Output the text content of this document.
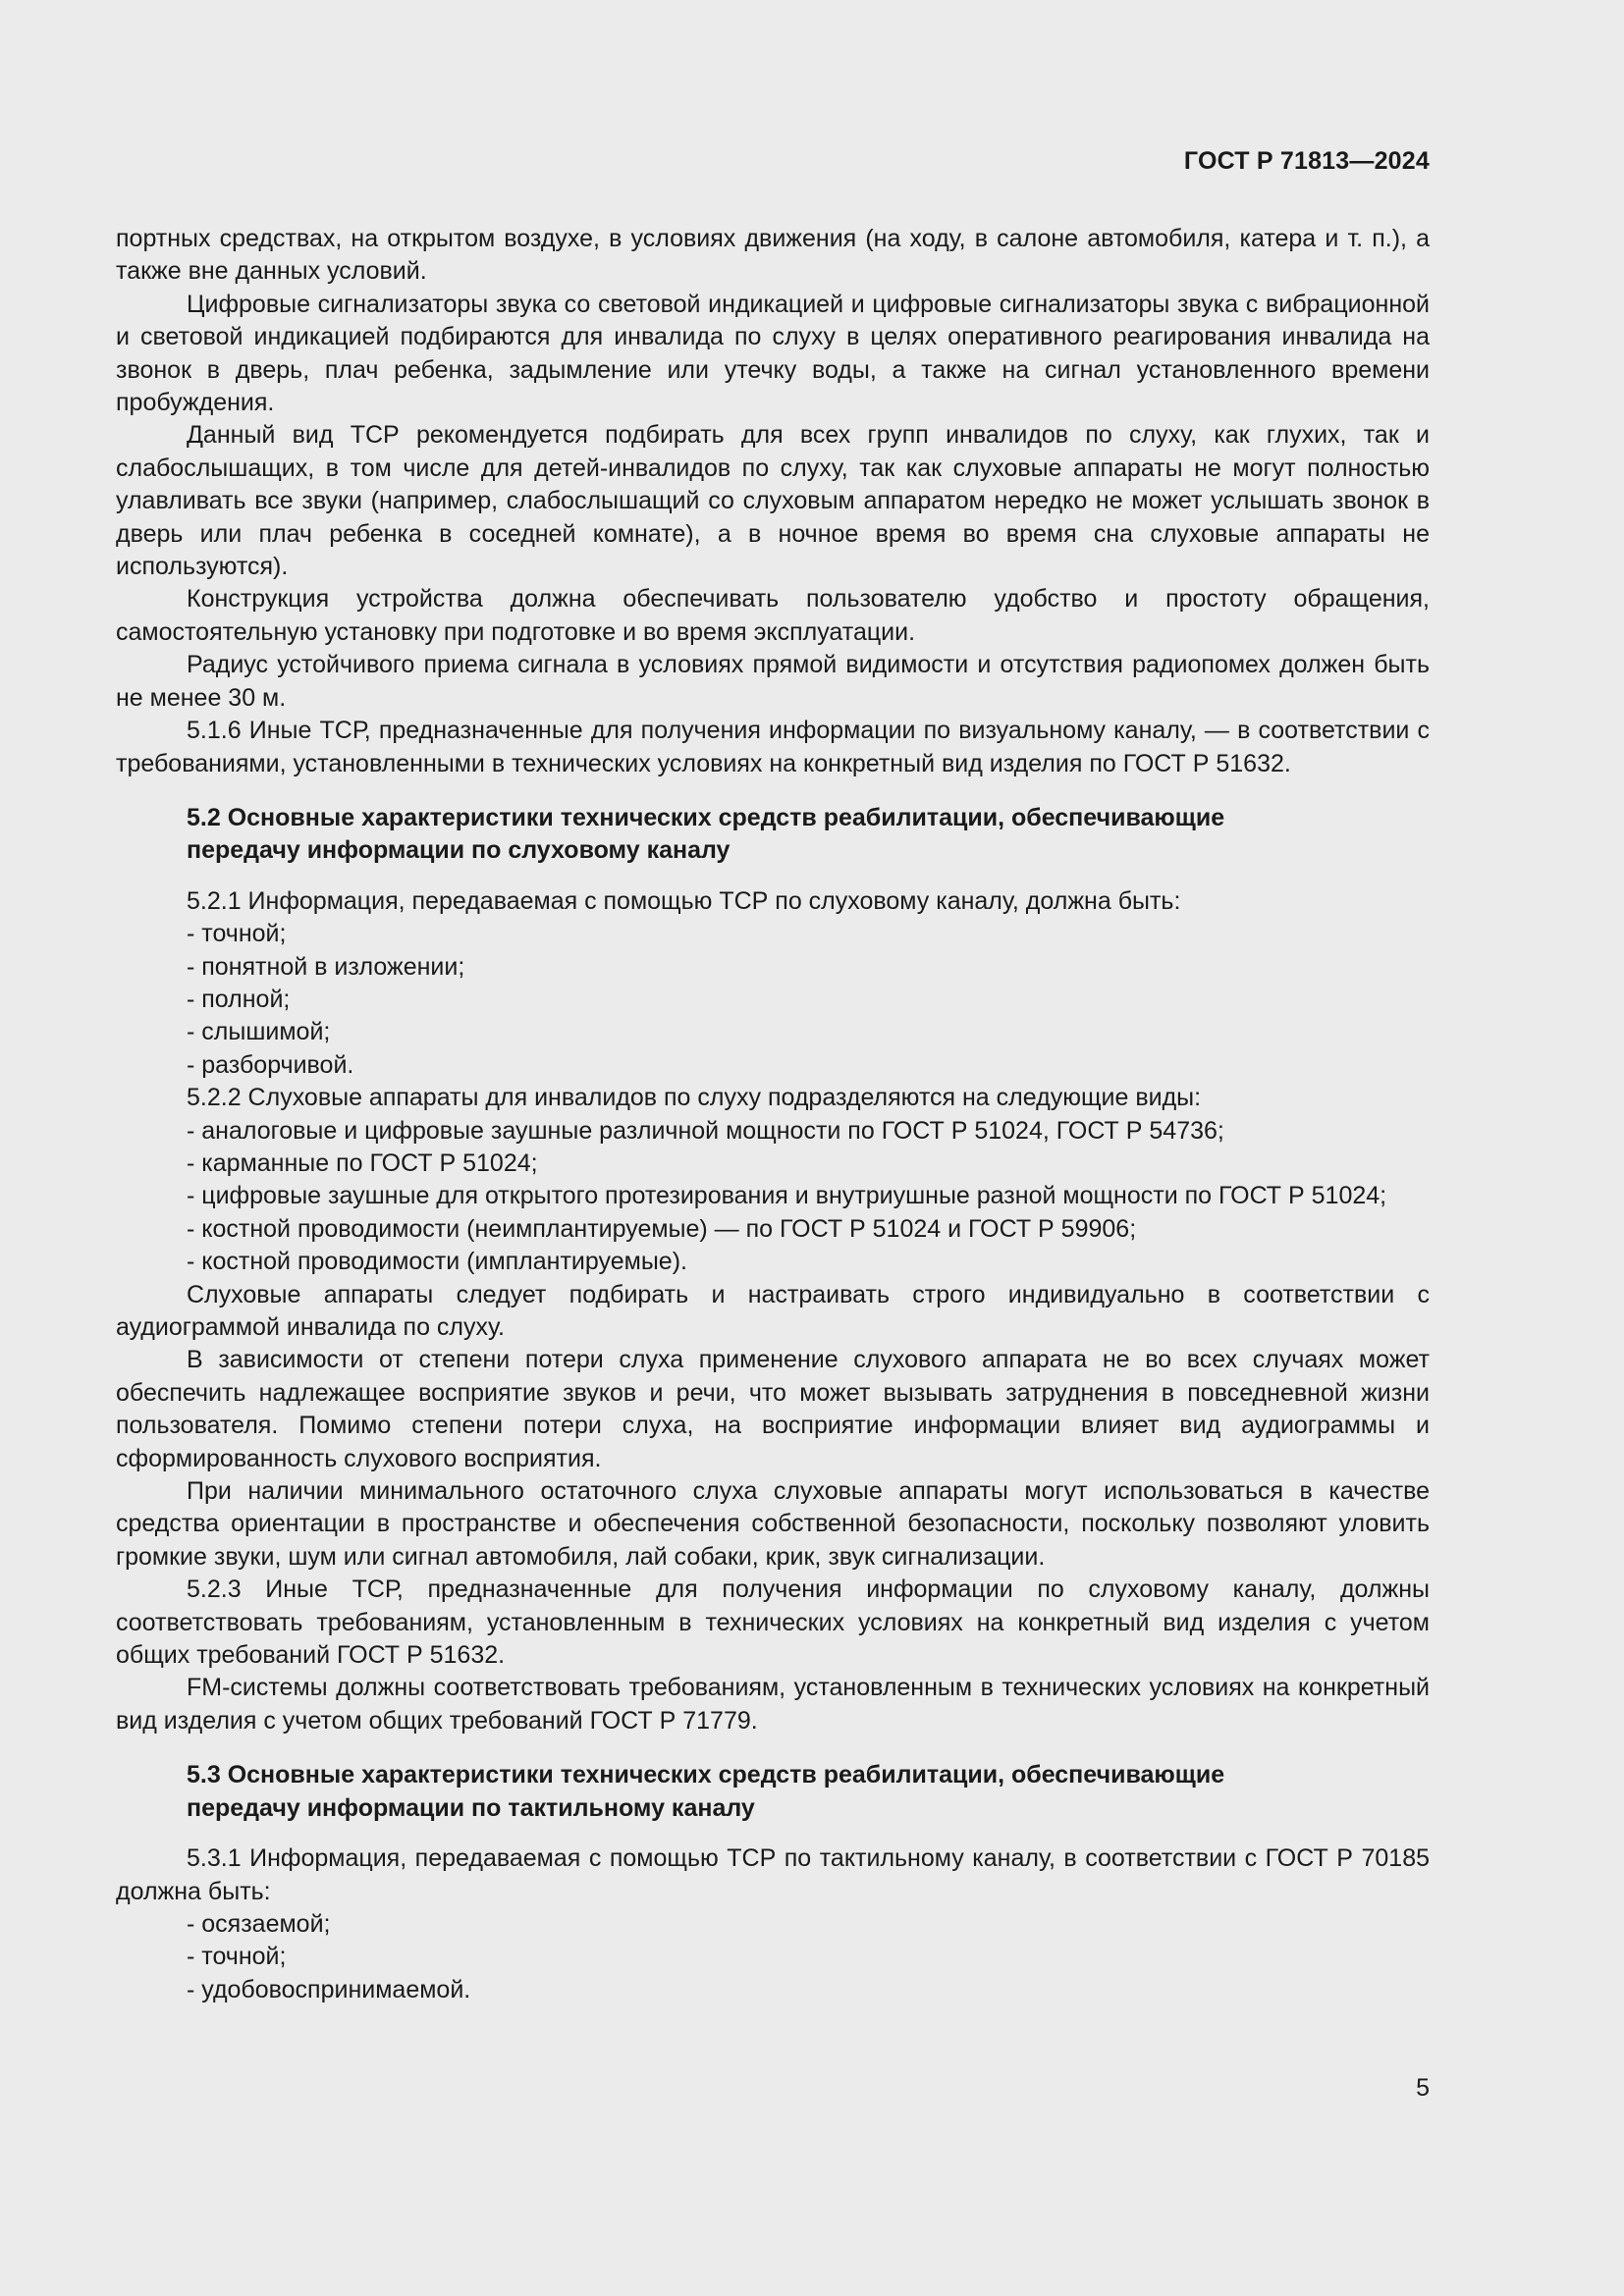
ГОСТ Р 71813—2024

портных средствах, на открытом воздухе, в условиях движения (на ходу, в салоне автомобиля, катера и т. п.), а также вне данных условий.

Цифровые сигнализаторы звука со световой индикацией и цифровые сигнализаторы звука с вибрационной и световой индикацией подбираются для инвалида по слуху в целях оперативного реагирования инвалида на звонок в дверь, плач ребенка, задымление или утечку воды, а также на сигнал установленного времени пробуждения.

Данный вид ТСР рекомендуется подбирать для всех групп инвалидов по слуху, как глухих, так и слабослышащих, в том числе для детей-инвалидов по слуху, так как слуховые аппараты не могут полностью улавливать все звуки (например, слабослышащий со слуховым аппаратом нередко не может услышать звонок в дверь или плач ребенка в соседней комнате), а в ночное время во время сна слуховые аппараты не используются).

Конструкция устройства должна обеспечивать пользователю удобство и простоту обращения, самостоятельную установку при подготовке и во время эксплуатации.

Радиус устойчивого приема сигнала в условиях прямой видимости и отсутствия радиопомех должен быть не менее 30 м.

5.1.6 Иные ТСР, предназначенные для получения информации по визуальному каналу, — в соответствии с требованиями, установленными в технических условиях на конкретный вид изделия по ГОСТ Р 51632.

5.2 Основные характеристики технических средств реабилитации, обеспечивающие
передачу информации по слуховому каналу

5.2.1 Информация, передаваемая с помощью ТСР по слуховому каналу, должна быть:

- точной;

- понятной в изложении;

- полной;

- слышимой;

- разборчивой.

5.2.2 Слуховые аппараты для инвалидов по слуху подразделяются на следующие виды:

- аналоговые и цифровые заушные различной мощности по ГОСТ Р 51024, ГОСТ Р 54736;

- карманные по ГОСТ Р 51024;

- цифровые заушные для открытого протезирования и внутриушные разной мощности по ГОСТ Р 51024;

- костной проводимости (неимплантируемые) — по ГОСТ Р 51024 и ГОСТ Р 59906;

- костной проводимости (имплантируемые).

Слуховые аппараты следует подбирать и настраивать строго индивидуально в соответствии с аудиограммой инвалида по слуху.

В зависимости от степени потери слуха применение слухового аппарата не во всех случаях может обеспечить надлежащее восприятие звуков и речи, что может вызывать затруднения в повседневной жизни пользователя. Помимо степени потери слуха, на восприятие информации влияет вид аудиограммы и сформированность слухового восприятия.

При наличии минимального остаточного слуха слуховые аппараты могут использоваться в качестве средства ориентации в пространстве и обеспечения собственной безопасности, поскольку позволяют уловить громкие звуки, шум или сигнал автомобиля, лай собаки, крик, звук сигнализации.

5.2.3 Иные ТСР, предназначенные для получения информации по слуховому каналу, должны соответствовать требованиям, установленным в технических условиях на конкретный вид изделия с учетом общих требований ГОСТ Р 51632.

FM-системы должны соответствовать требованиям, установленным в технических условиях на конкретный вид изделия с учетом общих требований ГОСТ Р 71779.

5.3 Основные характеристики технических средств реабилитации, обеспечивающие
передачу информации по тактильному каналу

5.3.1 Информация, передаваемая с помощью ТСР по тактильному каналу, в соответствии с ГОСТ Р 70185 должна быть:

- осязаемой;

- точной;

- удобовоспринимаемой.

5
